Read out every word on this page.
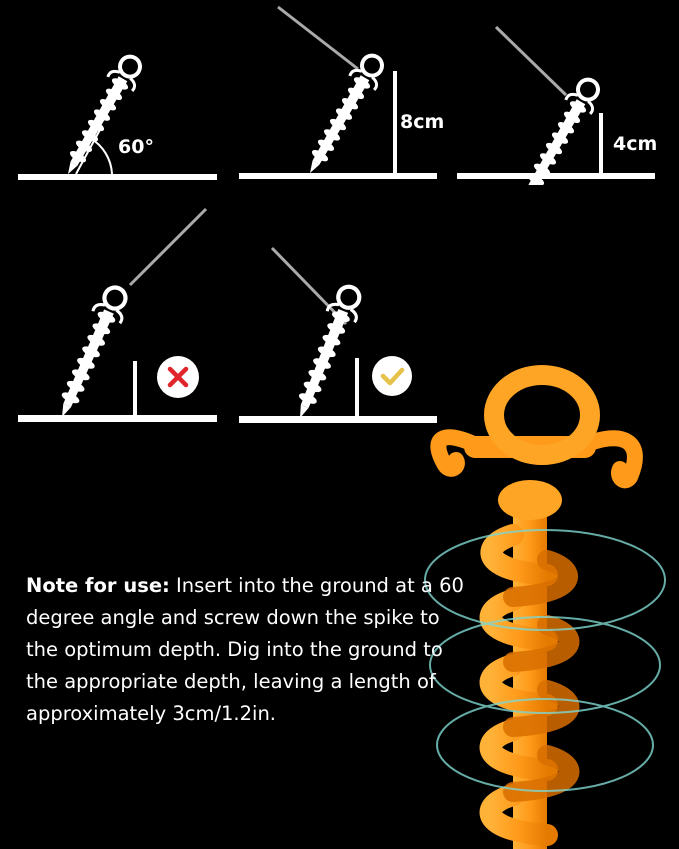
60°
8cm
4cm
Note for use: Insert into the ground at a 60 degree angle and screw down the spike to the optimum depth. Dig into the ground to the appropriate depth, leaving a length of approximately 3cm/1.2in.
